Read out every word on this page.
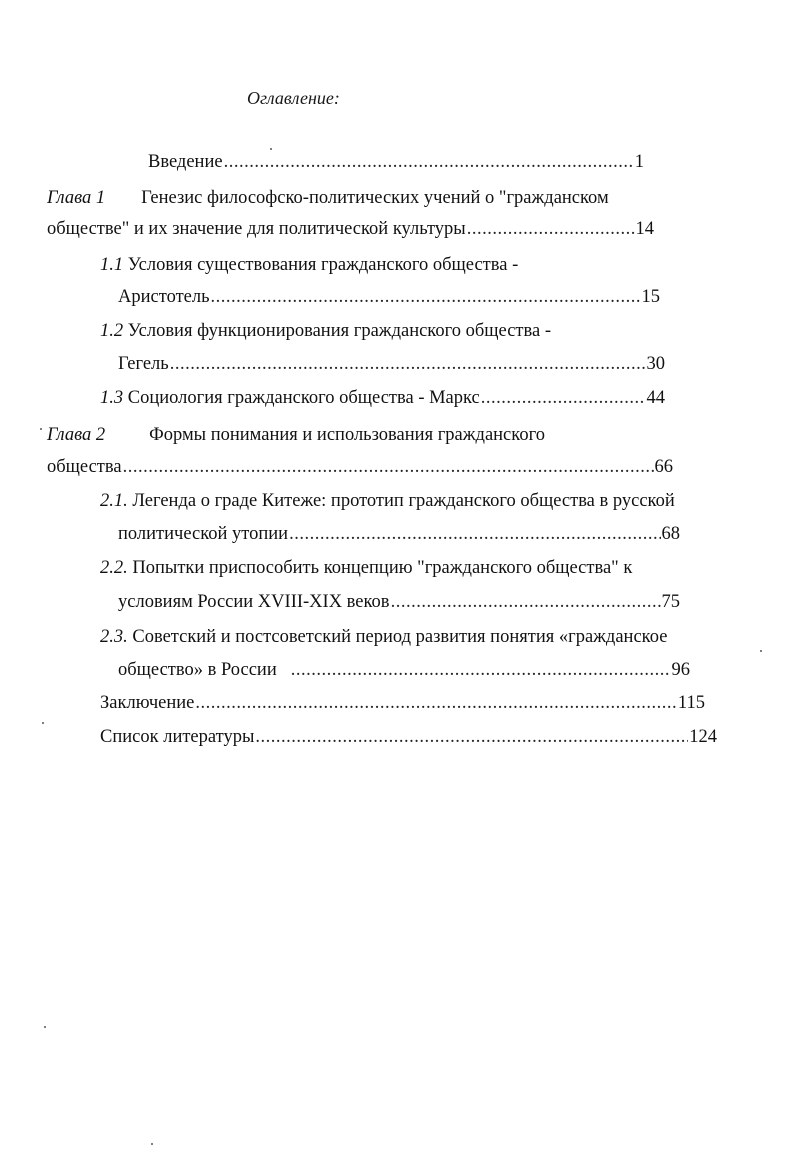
Оглавление:
Введение .....	1
Глава 1 Генезис философско-политических учений о "гражданском
обществе" и их значение для политической культуры .....	14
1.1 Условия существования гражданского общества -
Аристотель .....	15
1.2 Условия функционирования гражданского общества -
Гегель .....	30
1.3
Социология гражданского общества - Маркс .....	44
Глава 2 Формы понимания и использования гражданского
общества .....	66
2.1. Легенда о граде Китеже: прототип гражданского общества в русской
политической утопии .....	68
2.2. Попытки приспособить концепцию "гражданского общества" к
условиям России XVIII-XIX веков .....	75
2.3. Советский и постсоветский период развития понятия «гражданское
общество» в России .....	96
Заключение .....	115
Список литературы .....	124
